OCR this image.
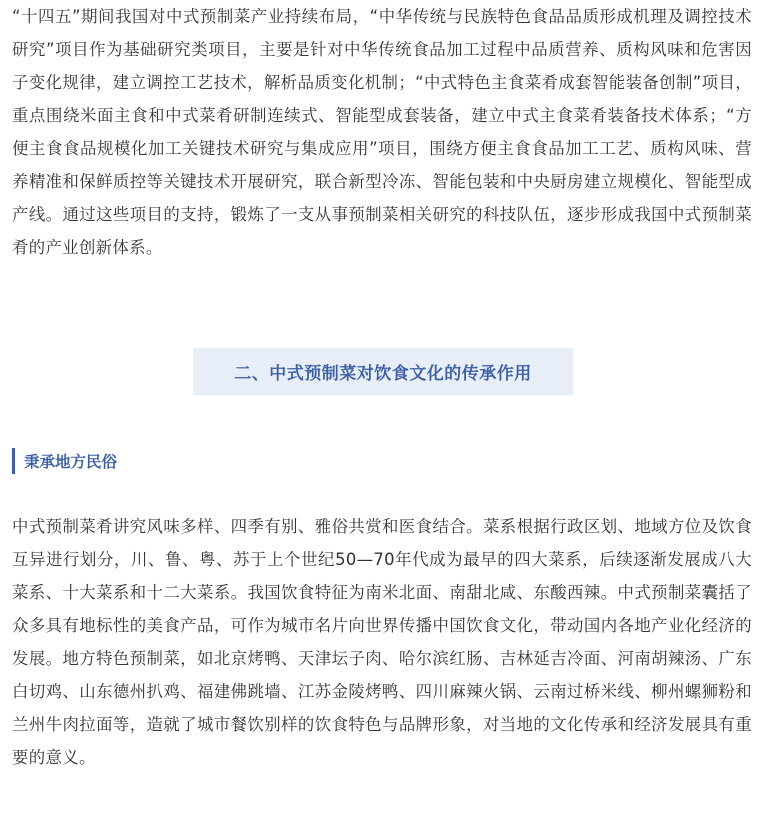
“十四五”期间我国对中式预制菜产业持续布局，“中华传统与民族特色食品品质形成机理及调控技术研究”项目作为基础研究类项目，主要是针对中华传统食品加工过程中品质营养、质构风味和危害因子变化规律，建立调控工艺技术，解析品质变化机制；“中式特色主食菜肴成套智能装备创制”项目，重点围绕米面主食和中式菜肴研制连续式、智能型成套装备，建立中式主食菜肴装备技术体系；“方便主食食品规模化加工关键技术研究与集成应用”项目，围绕方便主食食品加工工艺、质构风味、营养精准和保鲜质控等关键技术开展研究，联合新型冷冻、智能包装和中央厨房建立规模化、智能型成产线。通过这些项目的支持，锻炼了一支从事预制菜相关研究的科技队伍，逐步形成我国中式预制菜肴的产业创新体系。

二、中式预制菜对饮食文化的传承作用
秉承地方民俗

中式预制菜肴讲究风味多样、四季有别、雅俗共赏和医食结合。菜系根据行政区划、地域方位及饮食互异进行划分，川、鲁、粤、苏于上个世纪50—70年代成为最早的四大菜系，后续逐渐发展成八大菜系、十大菜系和十二大菜系。我国饮食特征为南米北面、南甜北咸、东酸西辣。中式预制菜囊括了众多具有地标性的美食产品，可作为城市名片向世界传播中国饮食文化，带动国内各地产业化经济的发展。地方特色预制菜，如北京烤鸭、天津坛子肉、哈尔滨红肠、吉林延吉冷面、河南胡辣汤、广东白切鸡、山东德州扒鸡、福建佛跳墙、江苏金陵烤鸭、四川麻辣火锅、云南过桥米线、柳州螺狮粉和兰州牛肉拉面等，造就了城市餐饮别样的饮食特色与品牌形象，对当地的文化传承和经济发展具有重要的意义。
